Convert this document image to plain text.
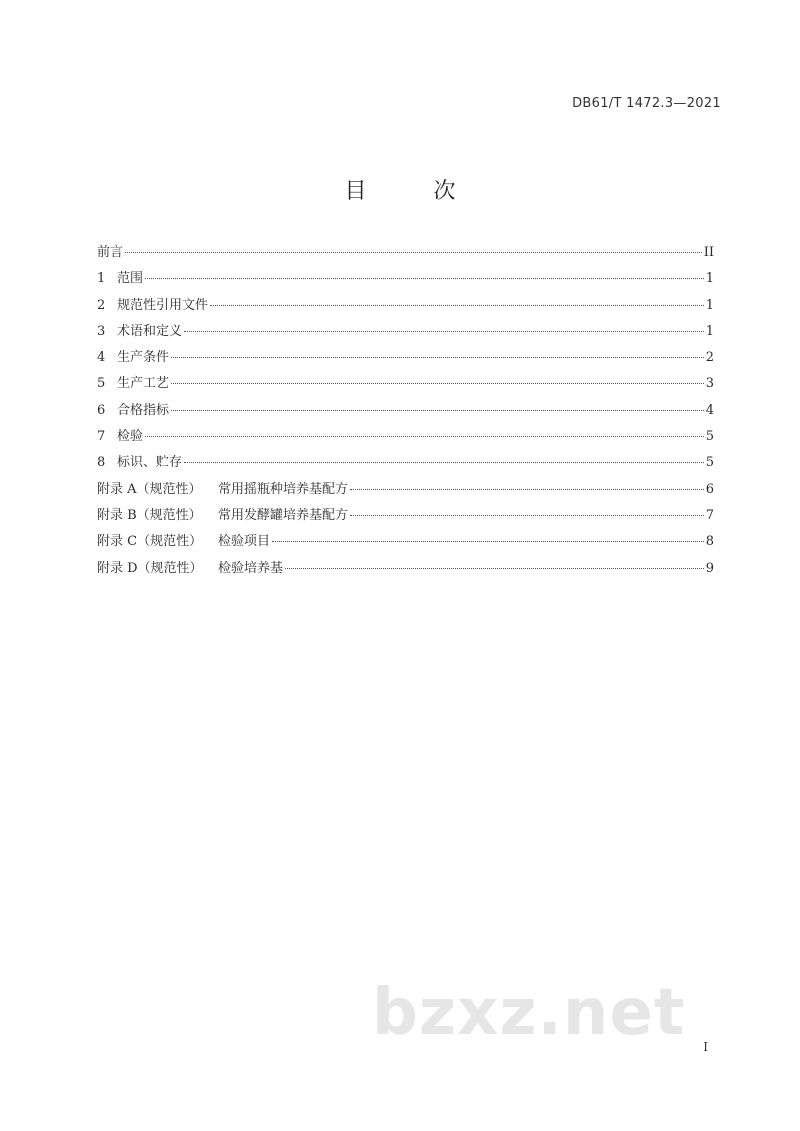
DB61/T 1472.3—2021
目 次
前言	II
1 范围	1
2 规范性引用文件	1
3 术语和定义	1
4 生产条件	2
5 生产工艺	3
6 合格指标	4
7 检验	5
8 标识、贮存	5
附录 A（规范性）	常用摇瓶种培养基配方	6
附录 B（规范性）	常用发酵罐培养基配方	7
附录 C（规范性）	检验项目	8
附录 D（规范性）	检验培养基	9
bzxz.net I
